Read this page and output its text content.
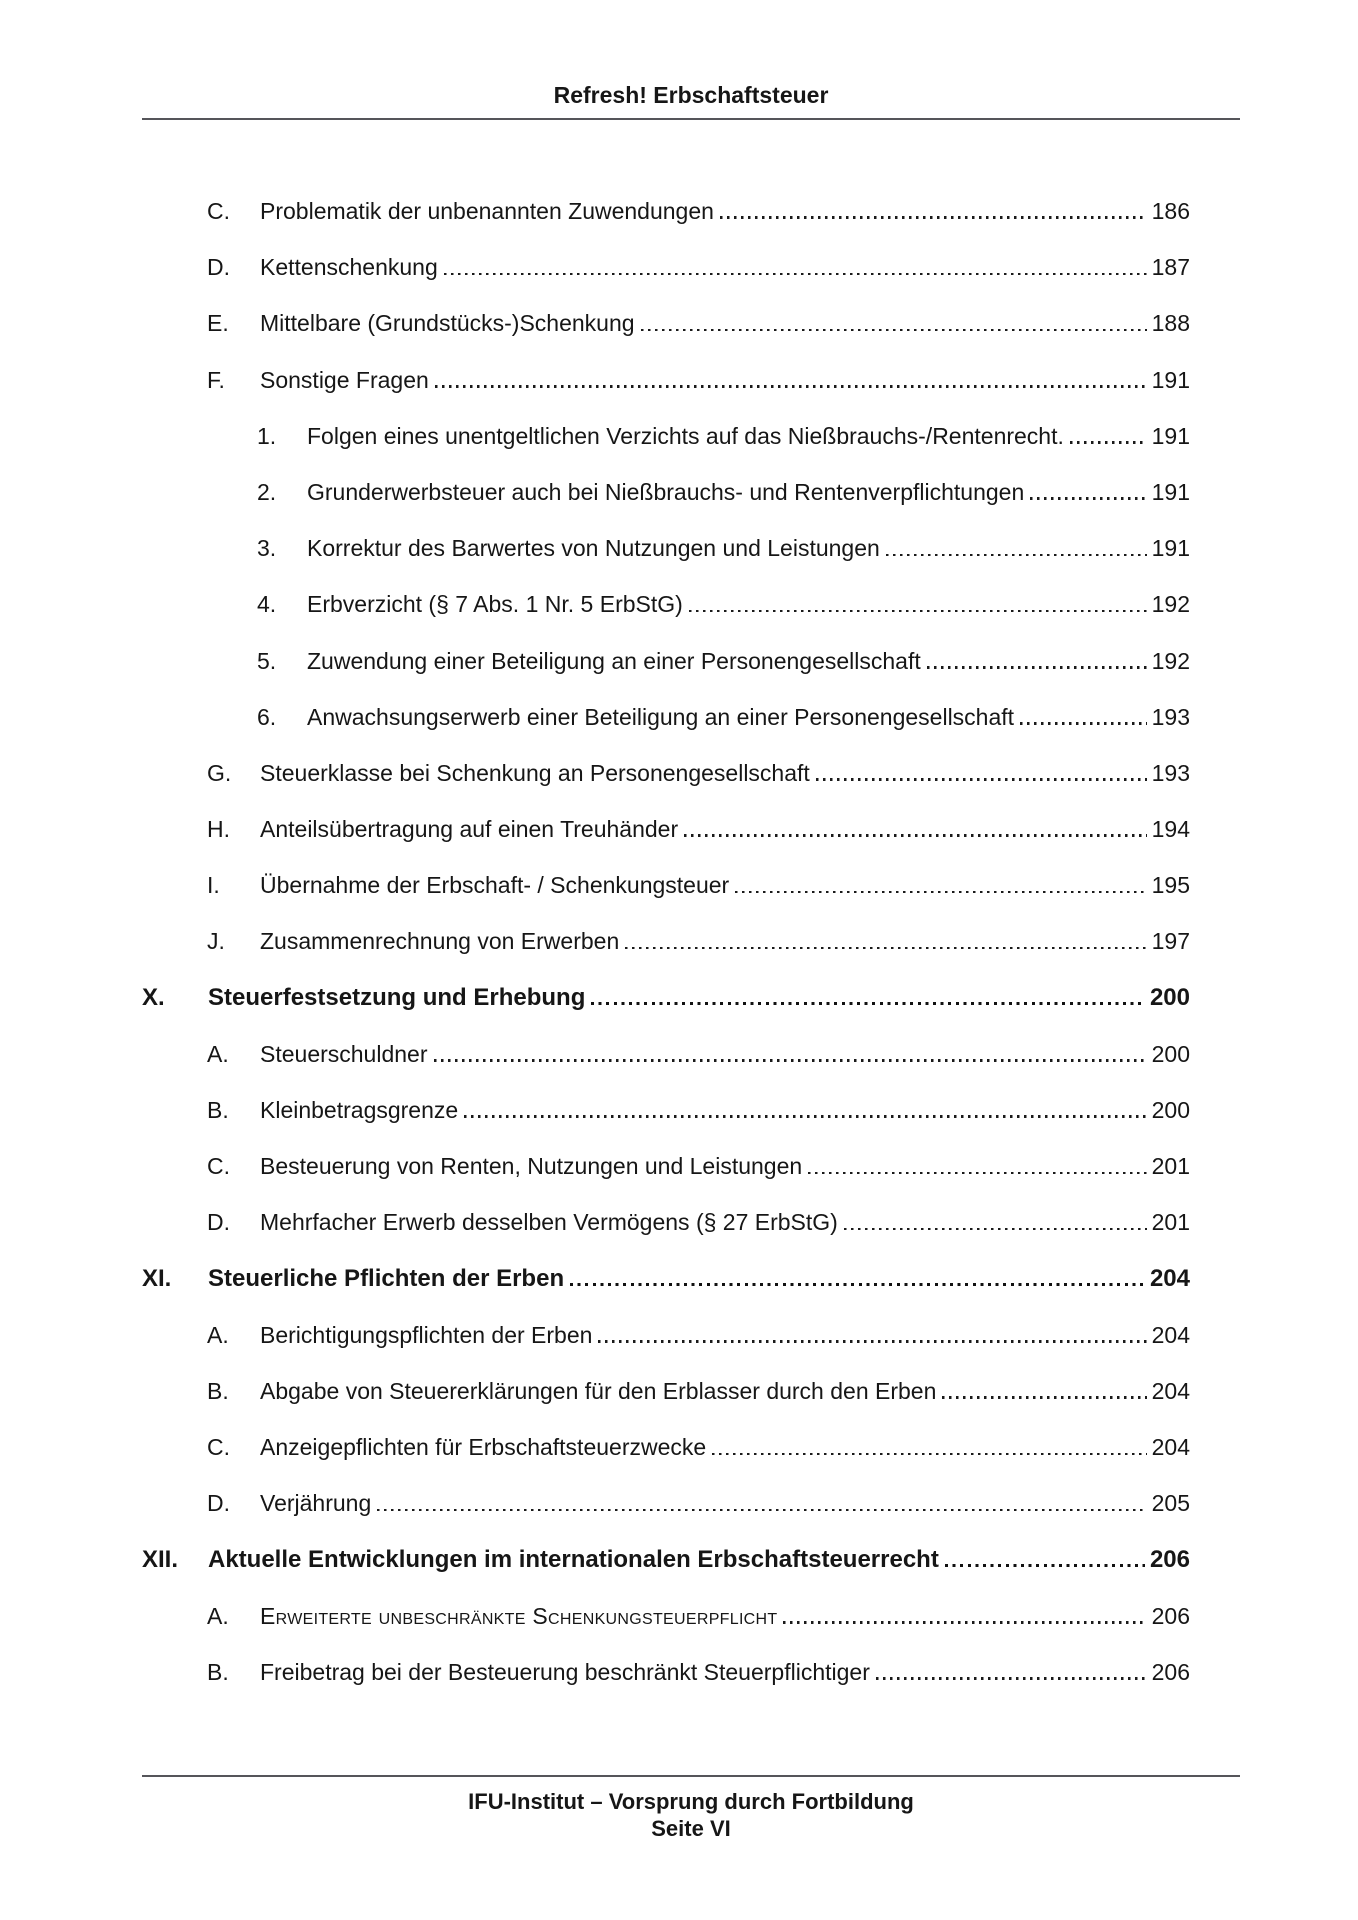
Refresh! Erbschaftsteuer
C.	Problematik der unbenannten Zuwendungen	186
D.	Kettenschenkung	187
E.	Mittelbare (Grundstücks-)Schenkung	188
F.	Sonstige Fragen	191
1.	Folgen eines unentgeltlichen Verzichts auf das Nießbrauchs-/Rentenrecht.	191
2.	Grunderwerbsteuer auch bei Nießbrauchs- und Rentenverpflichtungen	191
3.	Korrektur des Barwertes von Nutzungen und Leistungen	191
4.	Erbverzicht (§ 7 Abs. 1 Nr. 5 ErbStG)	192
5.	Zuwendung einer Beteiligung an einer Personengesellschaft	192
6.	Anwachsungserwerb einer Beteiligung an einer Personengesellschaft	193
G.	Steuerklasse bei Schenkung an Personengesellschaft	193
H.	Anteilsübertragung auf einen Treuhänder	194
I.	Übernahme der Erbschaft- / Schenkungsteuer	195
J.	Zusammenrechnung von Erwerben	197
X.	Steuerfestsetzung und Erhebung	200
A.	Steuerschuldner	200
B.	Kleinbetragsgrenze	200
C.	Besteuerung von Renten, Nutzungen und Leistungen	201
D.	Mehrfacher Erwerb desselben Vermögens (§ 27 ErbStG)	201
XI.	Steuerliche Pflichten der Erben	204
A.	Berichtigungspflichten der Erben	204
B.	Abgabe von Steuererklärungen für den Erblasser durch den Erben	204
C.	Anzeigepflichten für Erbschaftsteuerzwecke	204
D.	Verjährung	205
XII.	Aktuelle Entwicklungen im internationalen Erbschaftsteuerrecht	206
A.	Erweiterte unbeschränkte Schenkungsteuerpflicht	206
B.	Freibetrag bei der Besteuerung beschränkt Steuerpflichtiger	206
IFU-Institut – Vorsprung durch Fortbildung
Seite VI
